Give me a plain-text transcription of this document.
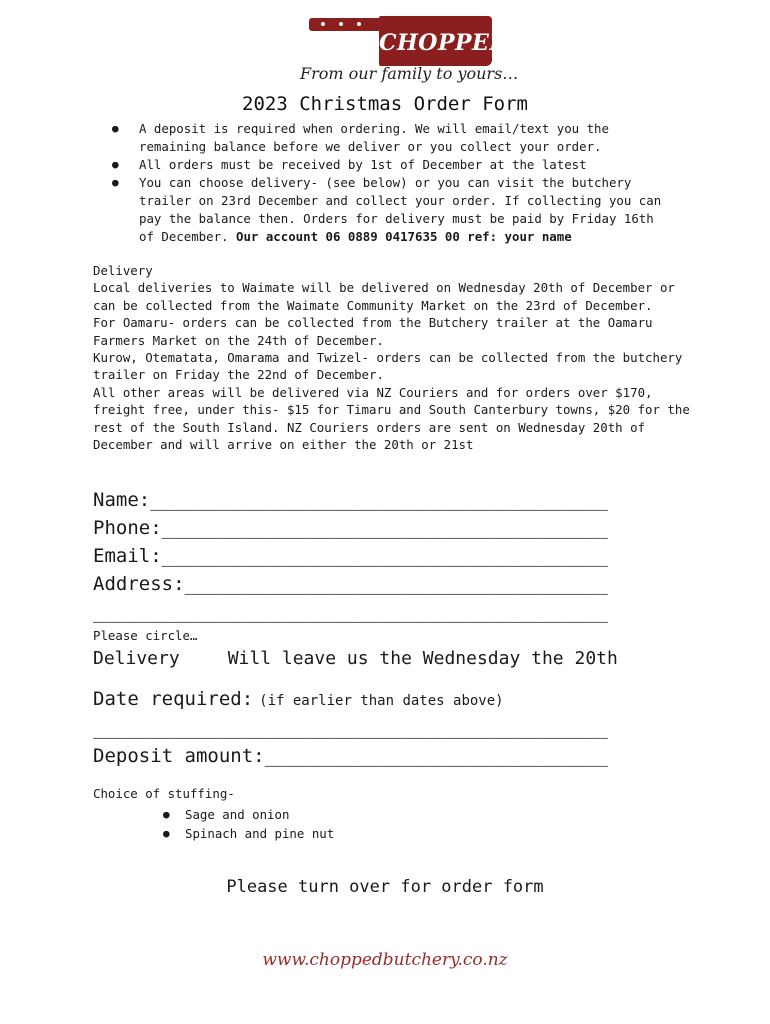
CHOPPED
From our family to yours…
2023 Christmas Order Form
● A deposit is required when ordering. We will email/text you the remaining balance before we deliver or you collect your order.
● All orders must be received by 1st of December at the latest
● You can choose delivery- (see below) or you can visit the butchery trailer on 23rd December and collect your order. If collecting you can pay the balance then. Orders for delivery must be paid by Friday 16th of December. Our account 06 0889 0417635 00 ref: your name
Delivery
Local deliveries to Waimate will be delivered on Wednesday 20th of December or can be collected from the Waimate Community Market on the 23rd of December.
For Oamaru- orders can be collected from the Butchery trailer at the Oamaru Farmers Market on the 24th of December.
Kurow, Otematata, Omarama and Twizel- orders can be collected from the butchery trailer on Friday the 22nd of December.
All other areas will be delivered via NZ Couriers and for orders over $170, freight free, under this- $15 for Timaru and South Canterbury towns, $20 for the rest of the South Island. NZ Couriers orders are sent on Wednesday 20th of December and will arrive on either the 20th or 21st
Name:________________________________________
Phone:_______________________________________
Email:_______________________________________
Address:_____________________________________
_____________________________________________
Please circle…
Delivery	Will leave us the Wednesday the 20th
Date required: (if earlier than dates above)
_____________________________________________
Deposit amount:______________________________
Choice of stuffing-
● Sage and onion
● Spinach and pine nut
Please turn over for order form
www.choppedbutchery.co.nz
